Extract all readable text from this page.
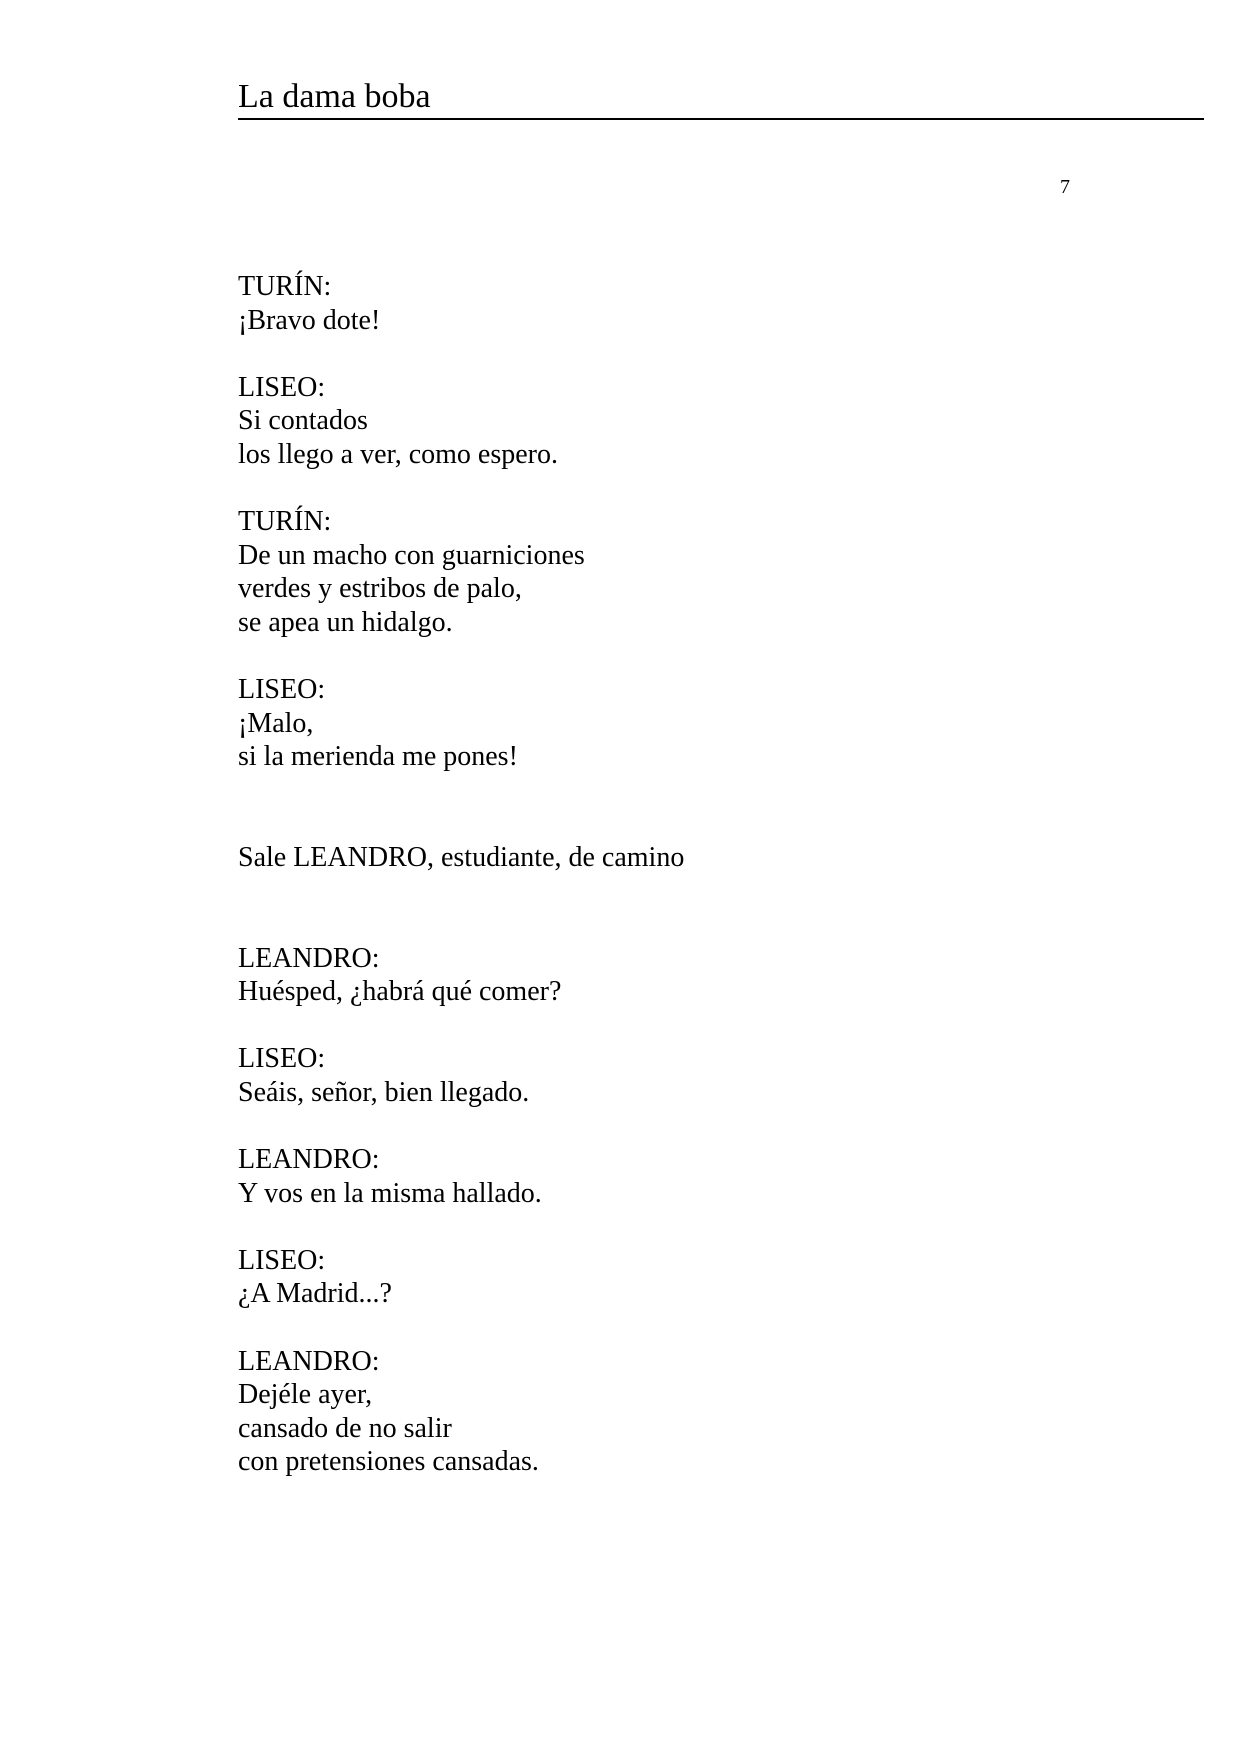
La dama boba
7
TURÍN:
¡Bravo dote!
LISEO:
Si contados
los llego a ver, como espero.
TURÍN:
De un macho con guarniciones
verdes y estribos de palo,
se apea un hidalgo.
LISEO:
¡Malo,
si la merienda me pones!
Sale LEANDRO, estudiante, de camino
LEANDRO:
Huésped, ¿habrá qué comer?
LISEO:
Seáis, señor, bien llegado.
LEANDRO:
Y vos en la misma hallado.
LISEO:
¿A Madrid...?
LEANDRO:
Dejéle ayer,
cansado de no salir
con pretensiones cansadas.
